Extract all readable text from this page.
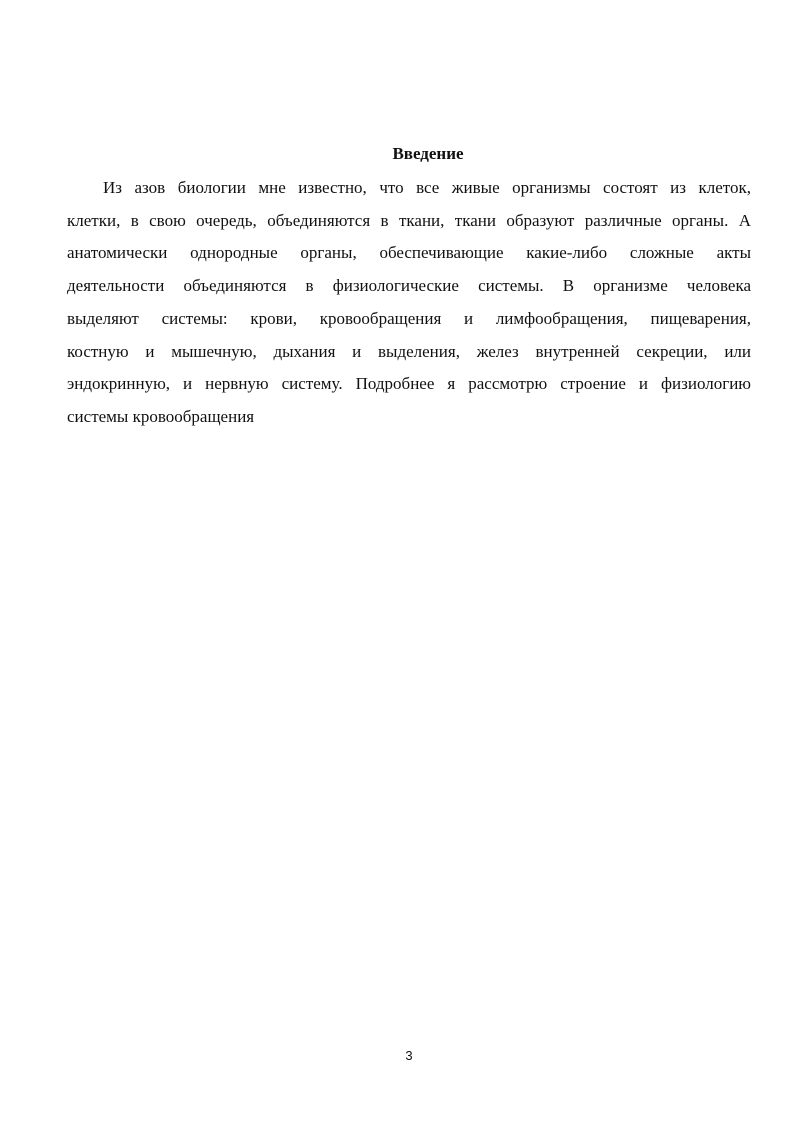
Введение

Из азов биологии мне известно, что все живые организмы состоят из клеток,
клетки, в свою очередь, объединяются в ткани, ткани образуют различные органы. А
анатомически однородные органы, обеспечивающие какие-либо сложные акты
деятельности объединяются в физиологические системы. В организме человека
выделяют системы: крови, кровообращения и лимфообращения, пищеварения,
костную и мышечную, дыхания и выделения, желез внутренней секреции, или
эндокринную, и нервную систему. Подробнее я рассмотрю строение и физиологию
системы кровообращения

3
